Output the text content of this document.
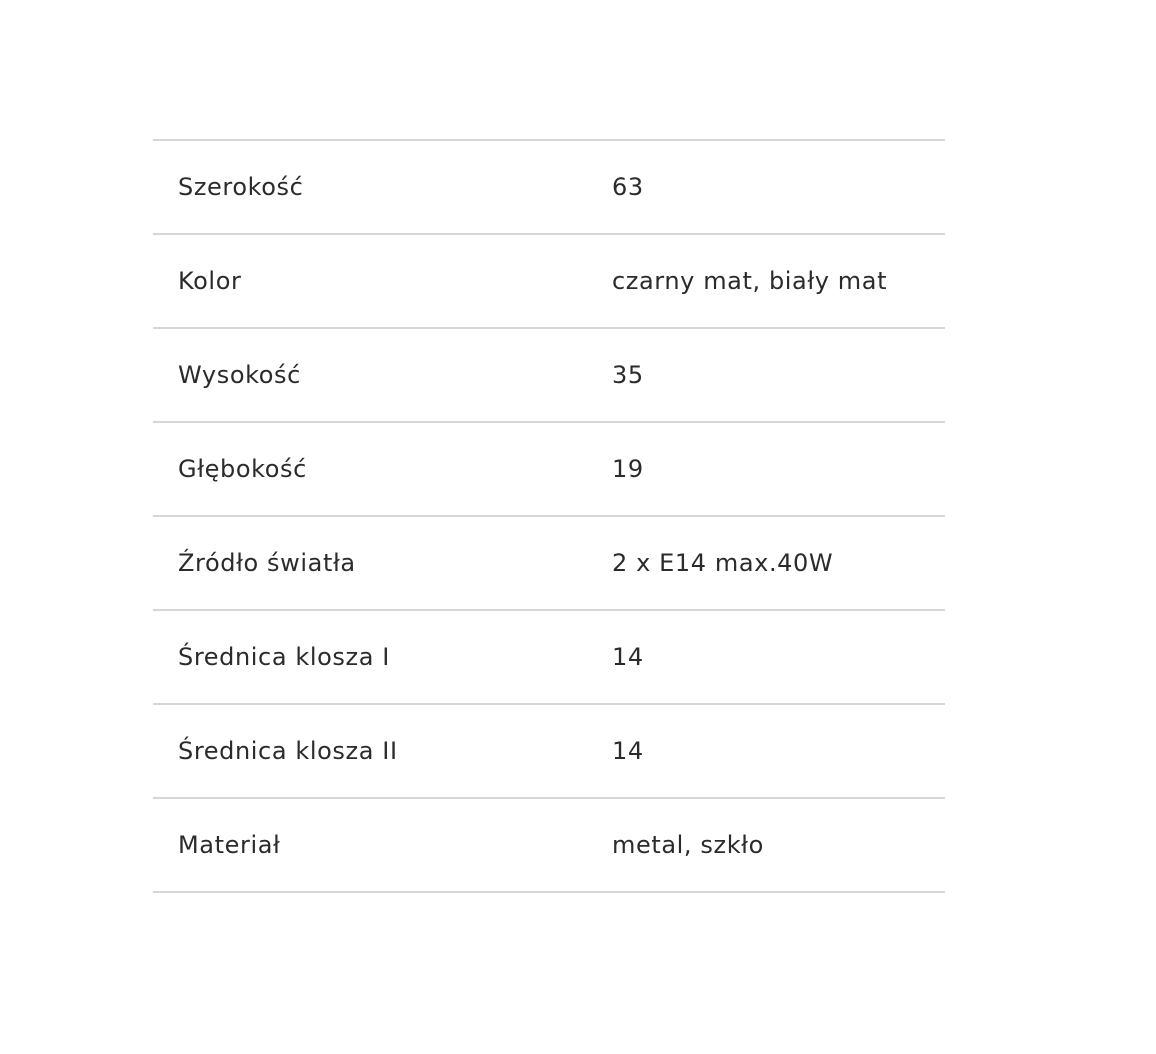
Szerokość	63
Kolor	czarny mat, biały mat
Wysokość	35
Głębokość	19
Źródło światła	2 x E14 max.40W
Średnica klosza I	14
Średnica klosza II	14
Materiał	metal, szkło
